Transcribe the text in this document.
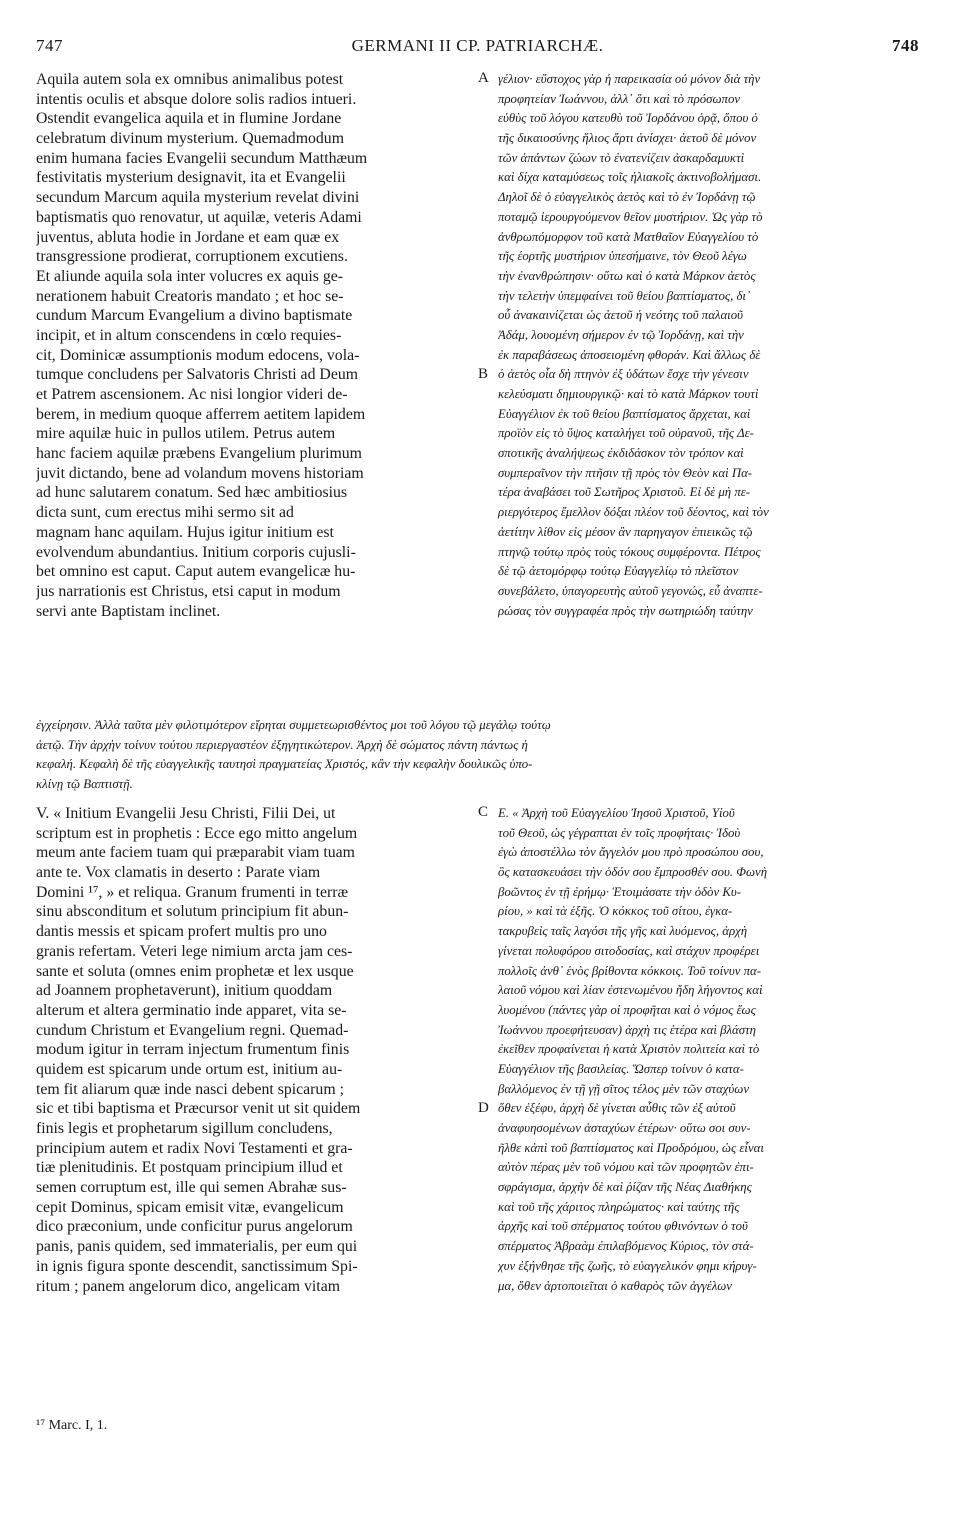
747	GERMANI II CP. PATRIARCHÆ.	748
Aquila autem sola ex omnibus animalibus potest
intentis oculis et absque dolore solis radios intueri.
Ostendit evangelica aquila et in flumine Jordane
celebratum divinum mysterium. Quemadmodum
enim humana facies Evangelii secundum Matthæum
festivitatis mysterium designavit, ita et Evangelii
secundum Marcum aquila mysterium revelat divini
baptismatis quo renovatur, ut aquilæ, veteris Adami
juventus, abluta hodie in Jordane et eam quæ ex
transgressione prodierat, corruptionem excutiens.
Et aliunde aquila sola inter volucres ex aquis ge-
nerationem habuit Creatoris mandato ; et hoc se-
cundum Marcum Evangelium a divino baptismate
incipit, et in altum conscendens in cœlo requies-
cit, Dominicæ assumptionis modum edocens, vola-
tumque concludens per Salvatoris Christi ad Deum
et Patrem ascensionem. Ac nisi longior videri de-
berem, in medium quoque afferrem aetitem lapidem
mire aquilæ huic in pullos utilem. Petrus autem
hanc faciem aquilæ præbens Evangelium plurimum
juvit dictando, bene ad volandum movens historiam
ad hunc salutarem conatum. Sed hæc ambitiosius
dicta sunt, cum erectus mihi sermo sit ad
magnam hanc aquilam. Hujus igitur initium est
evolvendum abundantius. Initium corporis cujusli-
bet omnino est caput. Caput autem evangelicæ hu-
jus narrationis est Christus, etsi caput in modum
servi ante Baptistam inclinet.
γέλιον· εὔστοχος γὰρ ἡ παρεικασία οὐ μόνον διὰ τὴν
προφητείαν Ἰωάννου, ἀλλ᾽ ὅτι καὶ τὸ πρόσωπον
εὐθὺς τοῦ λόγου κατευθὺ τοῦ Ἰορδάνου ὁρᾷ, ὅπου ὁ
τῆς δικαιοσύνης ἥλιος ἄρτι ἀνίσχει· ἀετοῦ δὲ μόνον
τῶν ἁπάντων ζώων τὸ ἐνατενίζειν ἀσκαρδαμυκτὶ
καὶ δίχα καταμύσεως τοῖς ἡλιακοῖς ἀκτινοβολήμασι.
Δηλοῖ δὲ ὁ εὐαγγελικὸς ἀετὸς καὶ τὸ ἐν Ἰορδάνῃ τῷ
ποταμῷ ἱερουργούμενον θεῖον μυστήριον. Ὡς γὰρ τὸ
ἀνθρωπόμορφον τοῦ κατὰ Ματθαῖον Εὐαγγελίου τὸ
τῆς ἑορτῆς μυστήριον ὑπεσήμαινε, τὸν Θεοῦ λέγω
τὴν ἐνανθρώπησιν· οὕτω καὶ ὁ κατὰ Μάρκον ἀετὸς
τὴν τελετὴν ὑπεμφαίνει τοῦ θείου βαπτίσματος, δι᾽
οὗ ἀνακαινίζεται ὡς ἀετοῦ ἡ νεότης τοῦ παλαιοῦ
Ἀδάμ, λουομένη σήμερον ἐν τῷ Ἰορδάνῃ, καὶ τὴν
ἐκ παραβάσεως ἀποσειομένη φθοράν. Καὶ ἄλλως δὲ
ὁ ἀετὸς οἷα δὴ πτηνὸν ἐξ ὑδάτων ἔσχε τὴν γένεσιν
κελεύσματι δημιουργικῷ· καὶ τὸ κατὰ Μάρκον τουτὶ
Εὐαγγέλιον ἐκ τοῦ θείου βαπτίσματος ἄρχεται, καὶ
προϊὸν εἰς τὸ ὕψος καταλήγει τοῦ οὐρανοῦ, τῆς Δε-
σποτικῆς ἀναλήψεως ἐκδιδάσκον τὸν τρόπον καὶ
συμπεραῖνον τὴν πτῆσιν τῇ πρὸς τὸν Θεὸν καὶ Πα-
τέρα ἀναβάσει τοῦ Σωτῆρος Χριστοῦ. Εἰ δὲ μὴ πε-
ριεργότερος ἔμελλον δόξαι πλέον τοῦ δέοντος, καὶ τὸν
ἀετίτην λίθον εἰς μέσον ἂν παρηγαγον ἐπιεικῶς τῷ
πτηνῷ τούτῳ πρὸς τοὺς τόκους συμφέροντα. Πέτρος
δὲ τῷ ἀετομόρφῳ τούτῳ Εὐαγγελίῳ τὸ πλεῖστον
συνεβάλετο, ὑπαγορευτὴς αὐτοῦ γεγονώς, εὖ ἀναπτε-
ρώσας τὸν συγγραφέα πρὸς τὴν σωτηριώδη ταύτην
ἐγχείρησιν. Ἀλλὰ ταῦτα μὲν φιλοτιμότερον εἴρηται συμμετεωρισθέντος μοι τοῦ λόγου τῷ μεγάλῳ τούτῳ
ἀετῷ. Τὴν ἀρχὴν τοίνυν τούτου περιεργαστέον ἐξηγητικώτερον. Ἀρχὴ δὲ σώματος πάντη πάντως ἡ
κεφαλή. Κεφαλὴ δὲ τῆς εὐαγγελικῆς ταυτησὶ πραγματείας Χριστός, κἂν τὴν κεφαλὴν δουλικῶς ὑπο-
κλίνῃ τῷ Βαπτιστῇ.
V. « Initium Evangelii Jesu Christi, Filii Dei, ut
scriptum est in prophetis : Ecce ego mitto angelum
meum ante faciem tuam qui præparabit viam tuam
ante te. Vox clamatis in deserto : Parate viam
Domini ¹⁷, » et reliqua. Granum frumenti in terræ
sinu absconditum et solutum principium fit abun-
dantis messis et spicam profert multis pro uno
granis refertam. Veteri lege nimium arcta jam ces-
sante et soluta (omnes enim prophetæ et lex usque
ad Joannem prophetaverunt), initium quoddam
alterum et altera germinatio inde apparet, vita se-
cundum Christum et Evangelium regni. Quemad-
modum igitur in terram injectum frumentum finis
quidem est spicarum unde ortum est, initium au-
tem fit aliarum quæ inde nasci debent spicarum ;
sic et tibi baptisma et Præcursor venit ut sit quidem
finis legis et prophetarum sigillum concludens,
principium autem et radix Novi Testamenti et gra-
tiæ plenitudinis. Et postquam principium illud et
semen corruptum est, ille qui semen Abrahæ sus-
cepit Dominus, spicam emisit vitæ, evangelicum
dico præconium, unde conficitur purus angelorum
panis, panis quidem, sed immaterialis, per eum qui
in ignis figura sponte descendit, sanctissimum Spi-
ritum ; panem angelorum dico, angelicam vitam
Ε. « Ἀρχὴ τοῦ Εὐαγγελίου Ἰησοῦ Χριστοῦ, Υἱοῦ
τοῦ Θεοῦ, ὡς γέγραπται ἐν τοῖς προφήταις· Ἰδοὺ
ἐγὼ ἀποστέλλω τὸν ἄγγελόν μου πρὸ προσώπου σου,
ὃς κατασκευάσει τὴν ὁδόν σου ἔμπροσθέν σου. Φωνὴ
βοῶντος ἐν τῇ ἐρήμῳ· Ἑτοιμάσατε τὴν ὁδὸν Κυ-
ρίου, » καὶ τὰ ἑξῆς. Ὁ κόκκος τοῦ σίτου, ἐγκα-
τακρυβεὶς ταῖς λαγόσι τῆς γῆς καὶ λυόμενος, ἀρχὴ
γίνεται πολυφόρου σιτοδοσίας, καὶ στάχυν προφέρει
πολλοῖς ἀνθ᾽ ἑνὸς βρίθοντα κόκκοις. Τοῦ τοίνυν πα-
λαιοῦ νόμου καὶ λίαν ἐστενωμένου ἤδη λήγοντος καὶ
λυομένου (πάντες γὰρ οἱ προφῆται καὶ ὁ νόμος ἕως
Ἰωάννου προεφήτευσαν) ἀρχὴ τις ἑτέρα καὶ βλάστη
ἐκεῖθεν προφαίνεται ἡ κατὰ Χριστὸν πολιτεία καὶ τὸ
Εὐαγγέλιον τῆς βασιλείας. Ὥσπερ τοίνυν ὁ κατα-
βαλλόμενος ἐν τῇ γῇ σῖτος τέλος μὲν τῶν σταχύων
ὅθεν ἐξέφυ, ἀρχὴ δὲ γίνεται αὖθις τῶν ἐξ αὐτοῦ
ἀναφυησομένων ἀσταχύων ἑτέρων· οὕτω σοι συν-
ῆλθε κἀπὶ τοῦ βαπτίσματος καὶ Προδρόμου, ὡς εἶναι
αὐτὸν πέρας μὲν τοῦ νόμου καὶ τῶν προφητῶν ἐπι-
σφράγισμα, ἀρχὴν δὲ καὶ ῥίζαν τῆς Νέας Διαθήκης
καὶ τοῦ τῆς χάριτος πληρώματος· καὶ ταύτης τῆς
ἀρχῆς καὶ τοῦ σπέρματος τούτου φθινόντων ὁ τοῦ
σπέρματος Ἀβραὰμ ἐπιλαβόμενος Κύριος, τὸν στά-
χυν ἐξήνθησε τῆς ζωῆς, τὸ εὐαγγελικόν φημι κήρυγ-
μα, ὅθεν ἀρτοποιεῖται ὁ καθαρὸς τῶν ἀγγέλων
A
B
C
D
¹⁷ Marc. I, 1.
